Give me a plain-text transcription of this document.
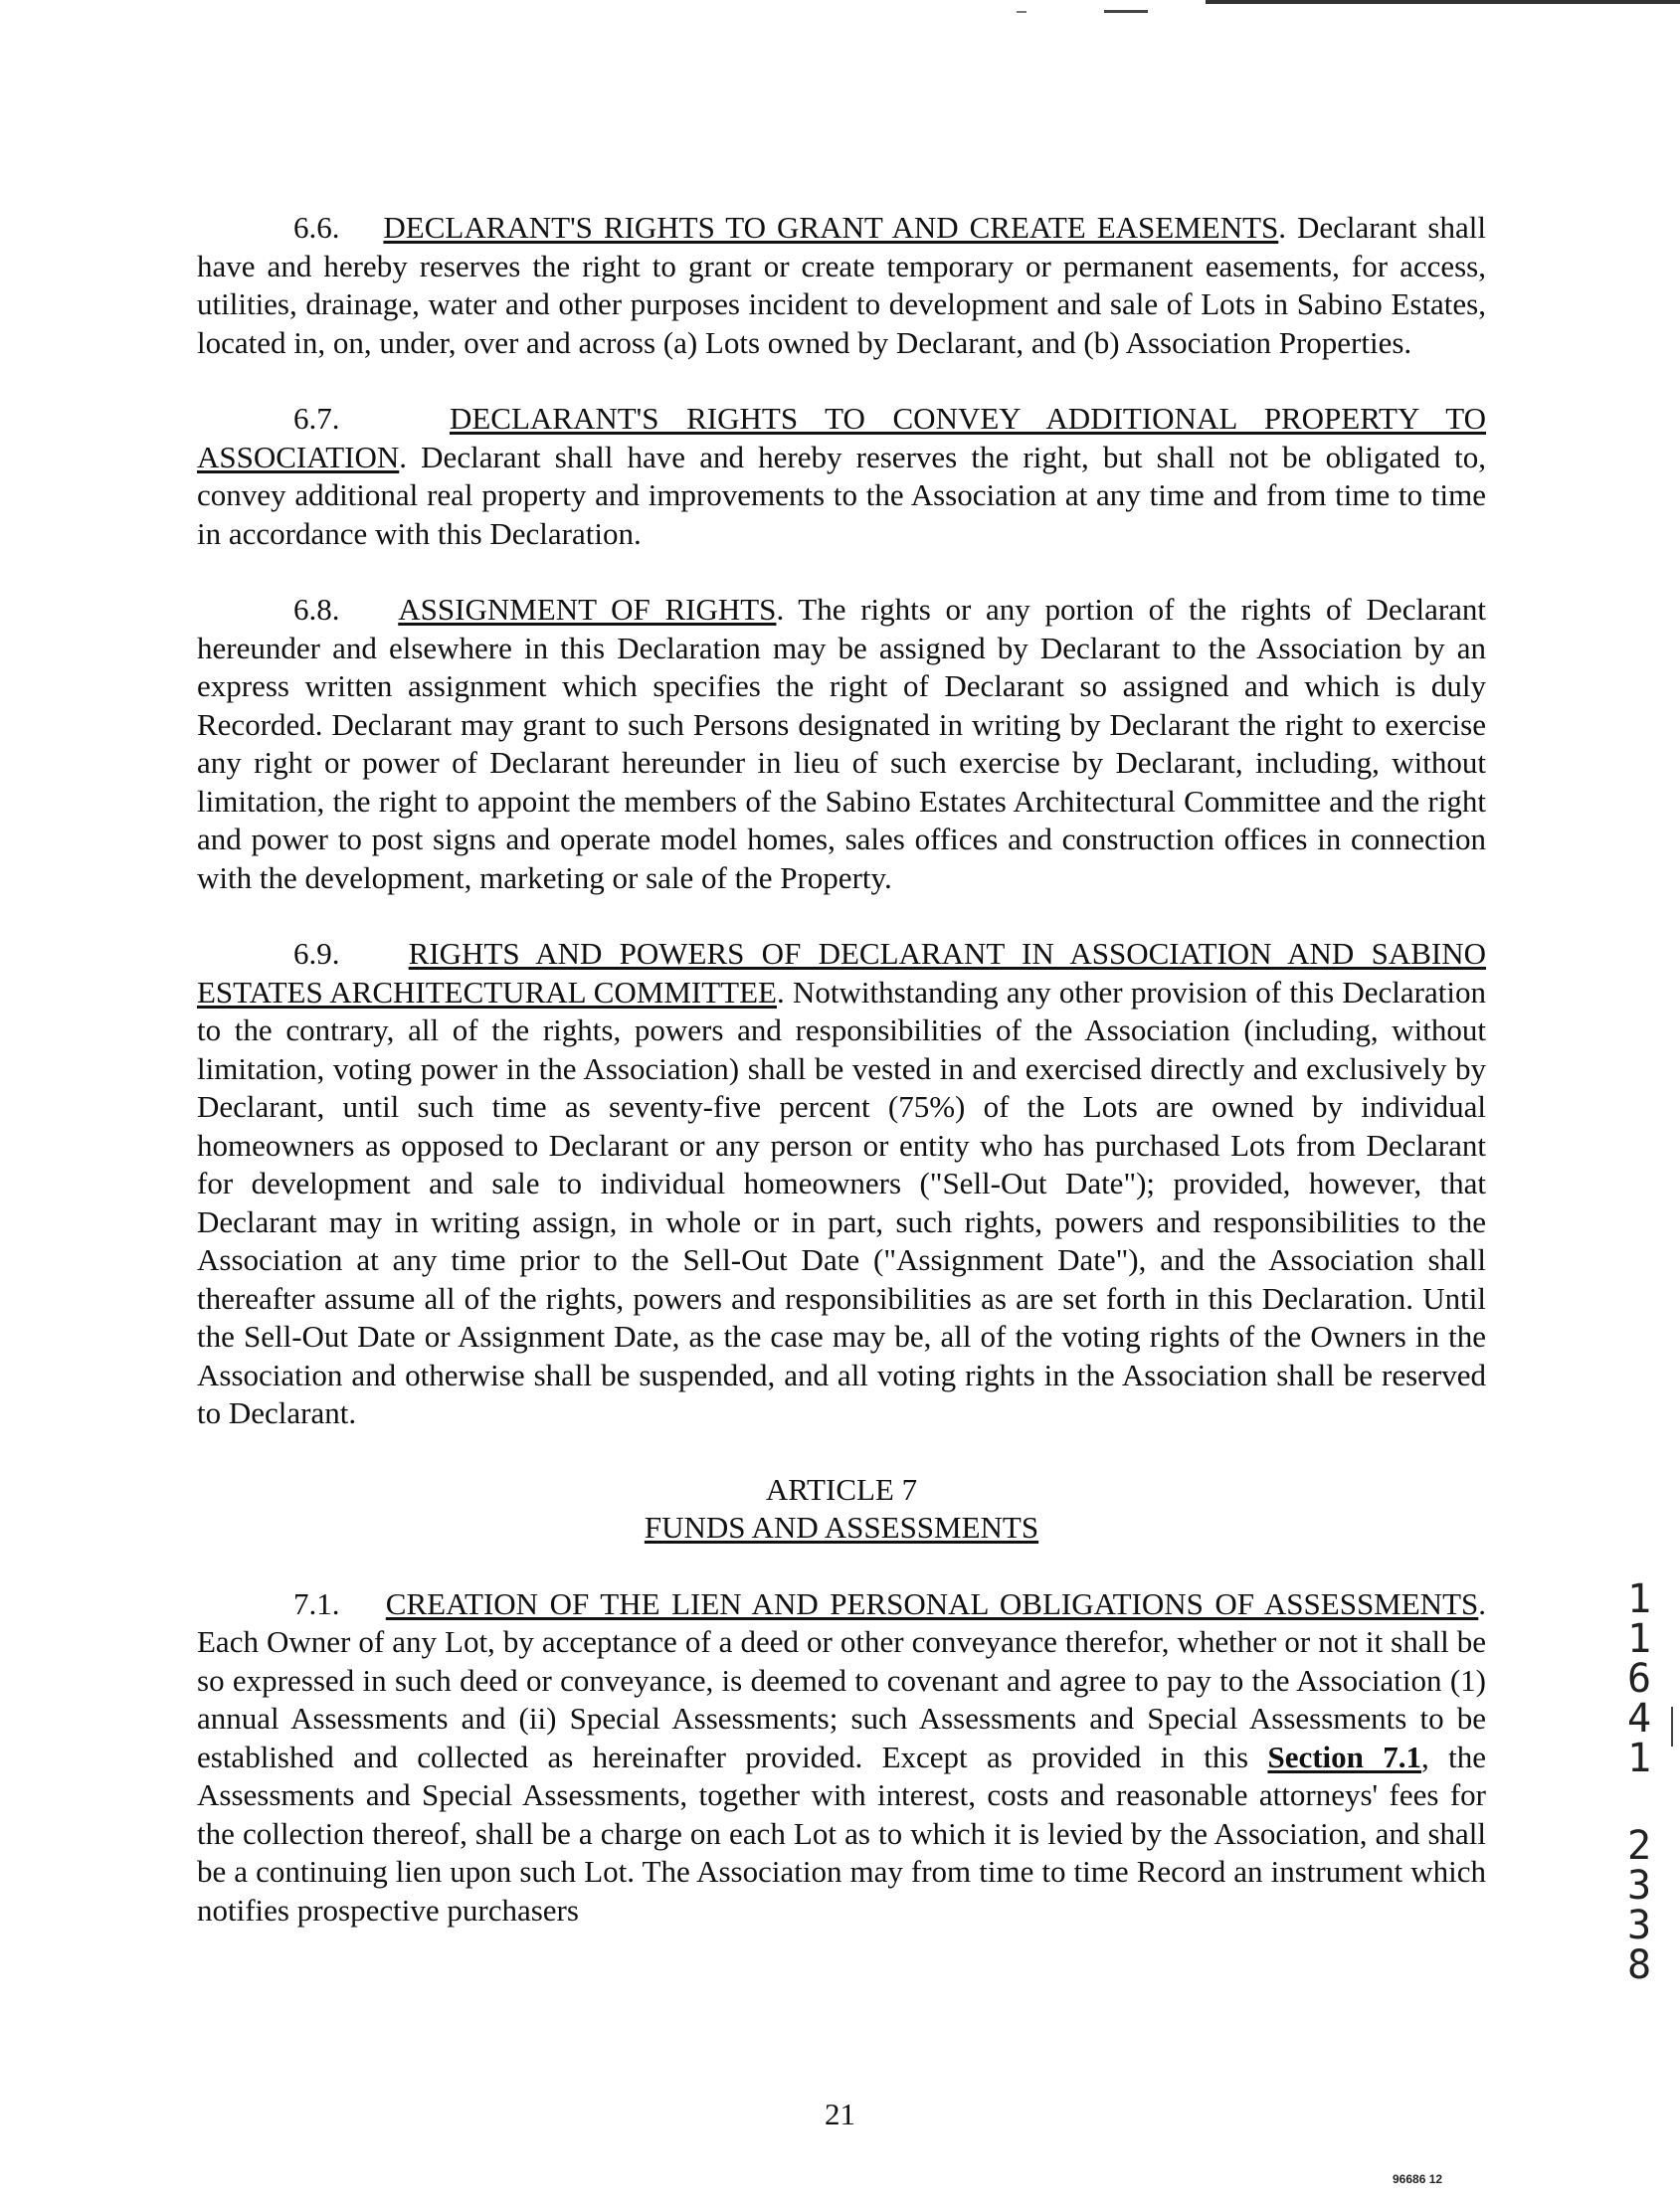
6.6. DECLARANT'S RIGHTS TO GRANT AND CREATE EASEMENTS. Declarant shall have and hereby reserves the right to grant or create temporary or permanent easements, for access, utilities, drainage, water and other purposes incident to development and sale of Lots in Sabino Estates, located in, on, under, over and across (a) Lots owned by Declarant, and (b) Association Properties.

6.7.	DECLARANT'S RIGHTS TO CONVEY ADDITIONAL PROPERTY TO ASSOCIATION. Declarant shall have and hereby reserves the right, but shall not be obligated to, convey additional real property and improvements to the Association at any time and from time to time in accordance with this Declaration.

6.8. ASSIGNMENT OF RIGHTS. The rights or any portion of the rights of Declarant hereunder and elsewhere in this Declaration may be assigned by Declarant to the Association by an express written assignment which specifies the right of Declarant so assigned and which is duly Recorded. Declarant may grant to such Persons designated in writing by Declarant the right to exercise any right or power of Declarant hereunder in lieu of such exercise by Declarant, including, without limitation, the right to appoint the members of the Sabino Estates Architectural Committee and the right and power to post signs and operate model homes, sales offices and construction offices in connection with the development, marketing or sale of the Property.

6.9. RIGHTS AND POWERS OF DECLARANT IN ASSOCIATION AND SABINO ESTATES ARCHITECTURAL COMMITTEE. Notwithstanding any other provision of this Declaration to the contrary, all of the rights, powers and responsibilities of the Association (including, without limitation, voting power in the Association) shall be vested in and exercised directly and exclusively by Declarant, until such time as seventy-five percent (75%) of the Lots are owned by individual homeowners as opposed to Declarant or any person or entity who has purchased Lots from Declarant for development and sale to individual homeowners ("Sell-Out Date"); provided, however, that Declarant may in writing assign, in whole or in part, such rights, powers and responsibilities to the Association at any time prior to the Sell-Out Date ("Assignment Date"), and the Association shall thereafter assume all of the rights, powers and responsibilities as are set forth in this Declaration. Until the Sell-Out Date or Assignment Date, as the case may be, all of the voting rights of the Owners in the Association and otherwise shall be suspended, and all voting rights in the Association shall be reserved to Declarant.

ARTICLE 7
FUNDS AND ASSESSMENTS

7.1. CREATION OF THE LIEN AND PERSONAL OBLIGATIONS OF ASSESSMENTS. Each Owner of any Lot, by acceptance of a deed or other conveyance therefor, whether or not it shall be so expressed in such deed or conveyance, is deemed to covenant and agree to pay to the Association (1) annual Assessments and (ii) Special Assessments; such Assessments and Special Assessments to be established and collected as hereinafter provided. Except as provided in this Section 7.1, the Assessments and Special Assessments, together with interest, costs and reasonable attorneys' fees for the collection thereof, shall be a charge on each Lot as to which it is levied by the Association, and shall be a continuing lien upon such Lot. The Association may from time to time Record an instrument which notifies prospective purchasers

1
1
6
4
1
2
3
3
8
21
96686 12
